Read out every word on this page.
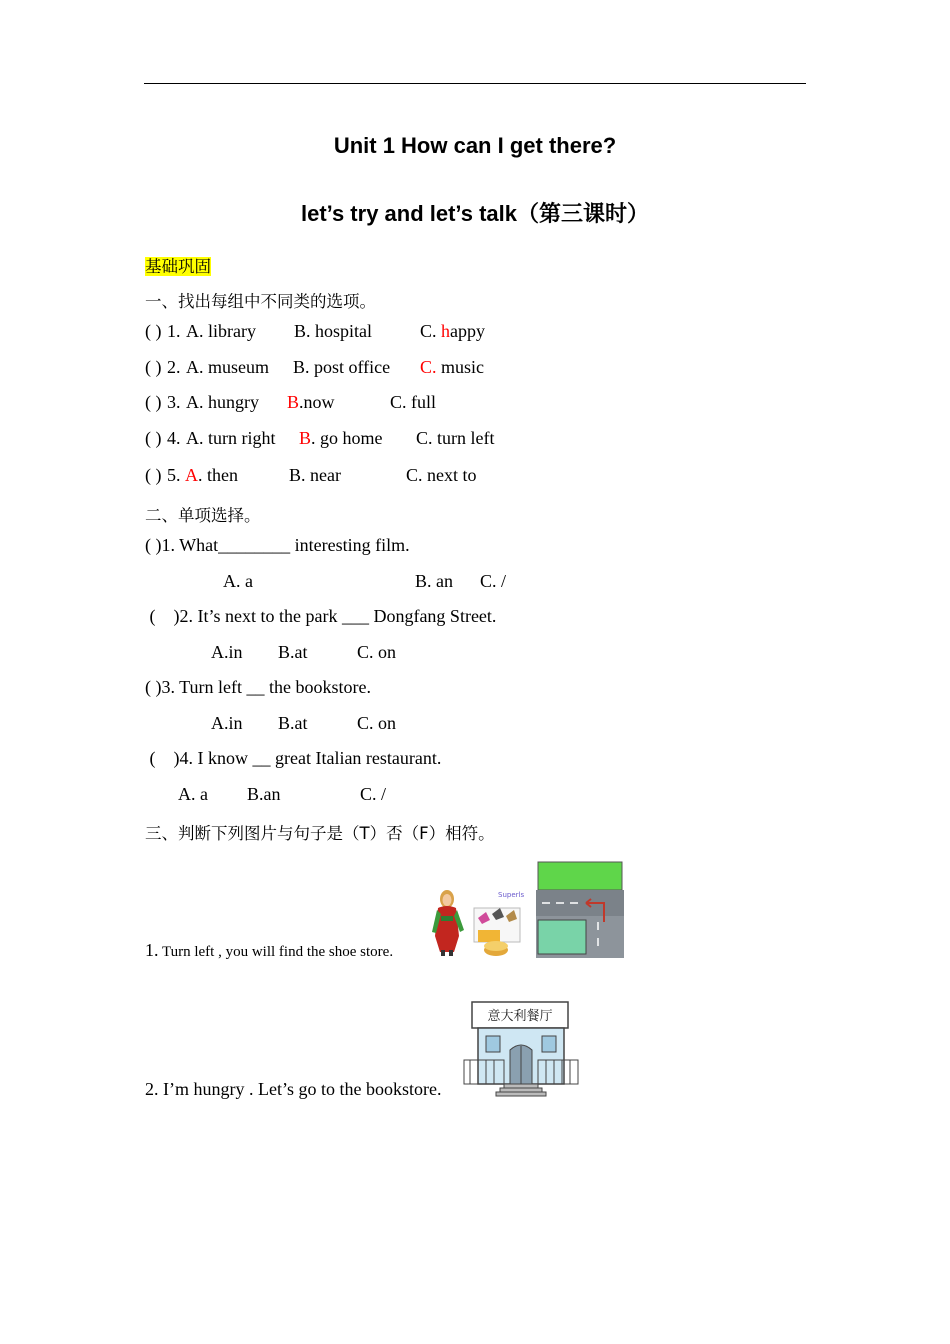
Unit 1 How can I get there?
let’s try and let’s talk（第三课时）
基础巩固
一、找出每组中不同类的选项。
( ) 1. A. library B. hospital	C. happy
( ) 2. A. museum B. post office C. music
( ) 3. A. hungry B.now	C. full
( ) 4. A. turn right B. go home C. turn left
( ) 5. A. then	B. near	C. next to
二、单项选择。
( )1. What________ interesting film.
A. a	B. an C. /
(    )2. It’s next to the park ___ Dongfang Street.
A.in B.at	C. on
( )3. Turn left __ the bookstore.
A.in B.at	C. on
(    )4. I know __ great Italian restaurant.
A. a B.an	C. /
三、判断下列图片与句子是（T）否（F）相符。
1. Turn left , you will find the shoe store.
Superls
2. I’m hungry . Let’s go to the bookstore.
意大利餐厅
